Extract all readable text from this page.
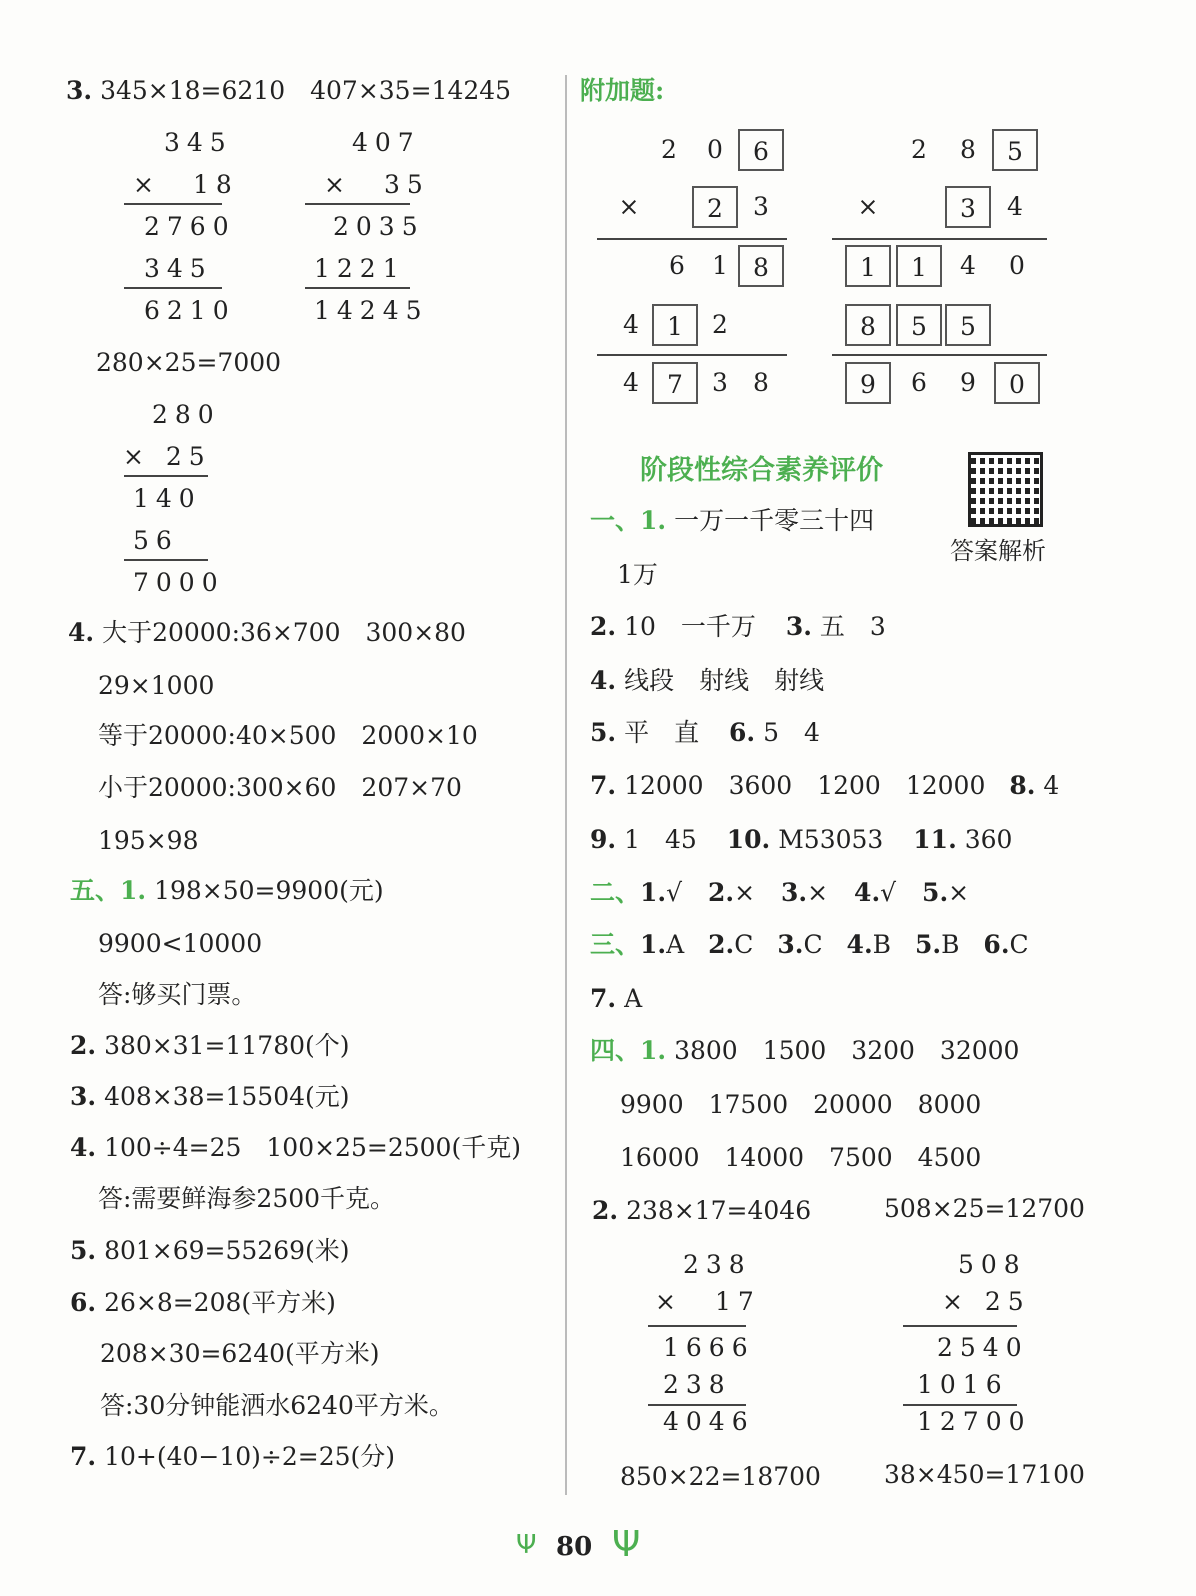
3. 345×18=6210　407×35=14245
345
×　18
2760
345
6210
407
×　35
2035
1221
14245
280×25=7000
280
× 25
140
56
7000
4. 大于20000:36×700　300×80
29×1000
等于20000:40×500　2000×10
小于20000:300×60　207×70
195×98
五、1. 198×50=9900(元)
9900<10000
答:够买门票。
2. 380×31=11780(个)
3. 408×38=15504(元)
4. 100÷4=25　100×25=2500(千克)
答:需要鲜海参2500千克。
5. 801×69=55269(米)
6. 26×8=208(平方米)
208×30=6240(平方米)
答:30分钟能洒水6240平方米。
7. 10+(40−10)÷2=25(分)
附加题:
2	0	6
×	2	3
6	1	8
4	1	2
4	7	3	8
2	8	5
×	3	4
1	1	4	0
8	5	5
9	6	9	0
阶段性综合素养评价
答案解析
一、1. 一万一千零三十四
1万
2. 10　一千万 3. 五　3
4. 线段　射线　射线
5. 平　直 6. 5　4
7. 12000　3600　1200　12000 8. 4
9. 1　45 10. M53053 11. 360
二、1.√ 2.× 3.× 4.√ 5.×
三、1.A 2.C 3.C 4.B 5.B 6.C
7. A
四、1. 3800　1500　3200　32000
9900　17500　20000　8000
16000　14000　7500　4500
2. 238×17=4046	508×25=12700
238
×　17
1666
238
4046
508
× 25
2540
1016
12700
850×22=18700	38×450=17100
Ψ 80 Ψ
